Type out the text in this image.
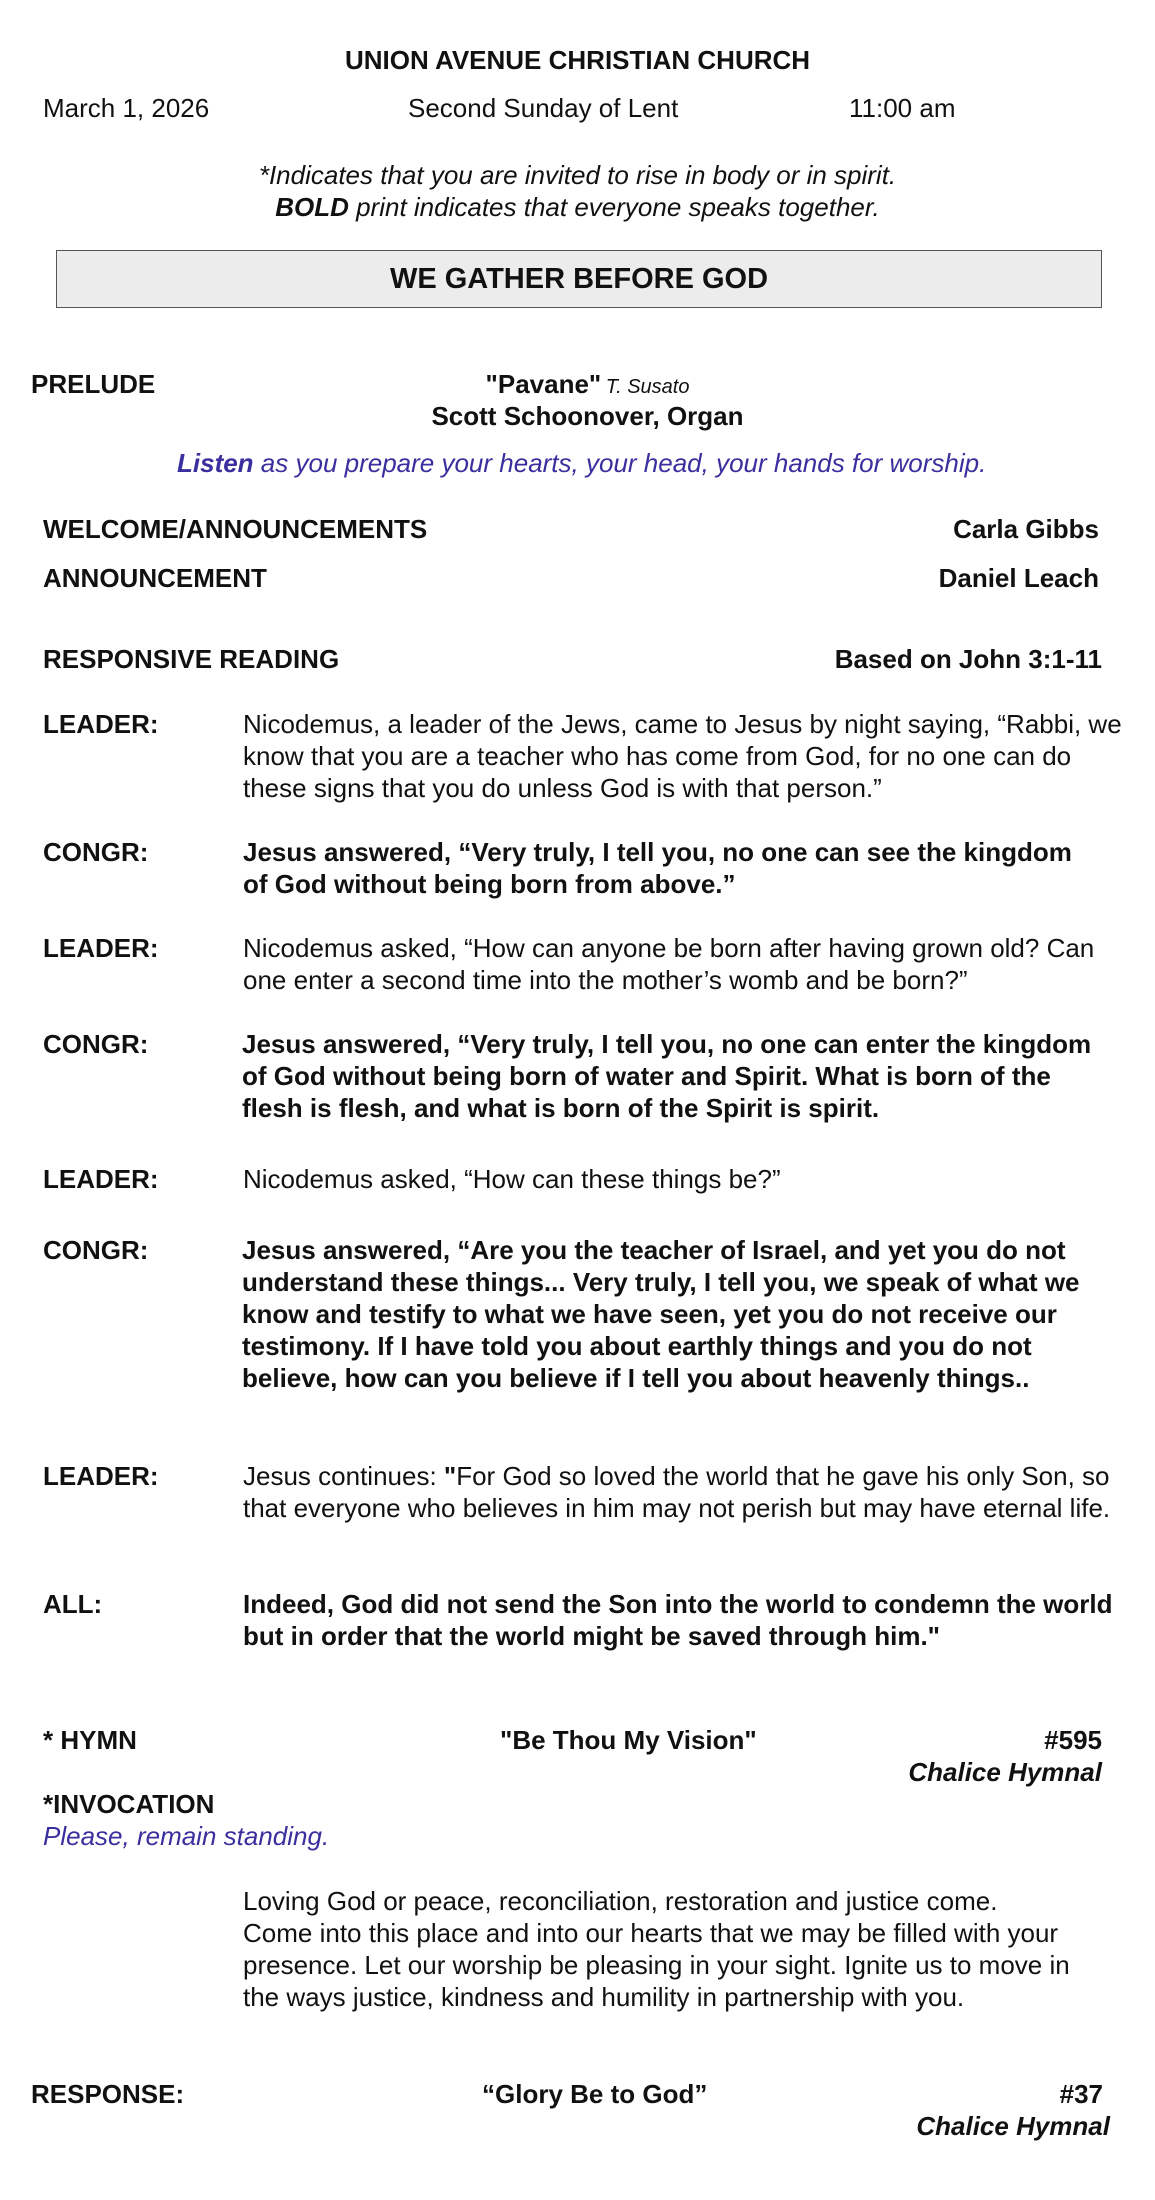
UNION AVENUE CHRISTIAN CHURCH
March 1, 2026	Second Sunday of Lent	11:00 am
*Indicates that you are invited to rise in body or in spirit.
BOLD print indicates that everyone speaks together.
WE GATHER BEFORE GOD
PRELUDE	"Pavane" T. Susato
Scott Schoonover, Organ
Listen as you prepare your hearts, your head, your hands for worship.
WELCOME/ANNOUNCEMENTS	Carla Gibbs
ANNOUNCEMENT	Daniel Leach
RESPONSIVE READING	Based on John 3:1-11
LEADER:	Nicodemus, a leader of the Jews, came to Jesus by night saying, “Rabbi, we know that you are a teacher who has come from God, for no one can do these signs that you do unless God is with that person.”
CONGR:	Jesus answered, “Very truly, I tell you, no one can see the kingdom of God without being born from above.”
LEADER:	Nicodemus asked, “How can anyone be born after having grown old? Can one enter a second time into the mother’s womb and be born?”
CONGR:	Jesus answered, “Very truly, I tell you, no one can enter the kingdom of God without being born of water and Spirit. What is born of the flesh is flesh, and what is born of the Spirit is spirit.
LEADER:	Nicodemus asked, “How can these things be?”
CONGR:	Jesus answered, “Are you the teacher of Israel, and yet you do not understand these things... Very truly, I tell you, we speak of what we know and testify to what we have seen, yet you do not receive our testimony. If I have told you about earthly things and you do not believe, how can you believe if I tell you about heavenly things..
LEADER:	Jesus continues: "For God so loved the world that he gave his only Son, so that everyone who believes in him may not perish but may have eternal life.
ALL:	Indeed, God did not send the Son into the world to condemn the world but in order that the world might be saved through him."
* HYMN	"Be Thou My Vision"	#595
Chalice Hymnal
*INVOCATION
Please, remain standing.
Loving God or peace, reconciliation, restoration and justice come. Come into this place and into our hearts that we may be filled with your presence. Let our worship be pleasing in your sight. Ignite us to move in the ways justice, kindness and humility in partnership with you.
RESPONSE:	“Glory Be to God”	#37
Chalice Hymnal
